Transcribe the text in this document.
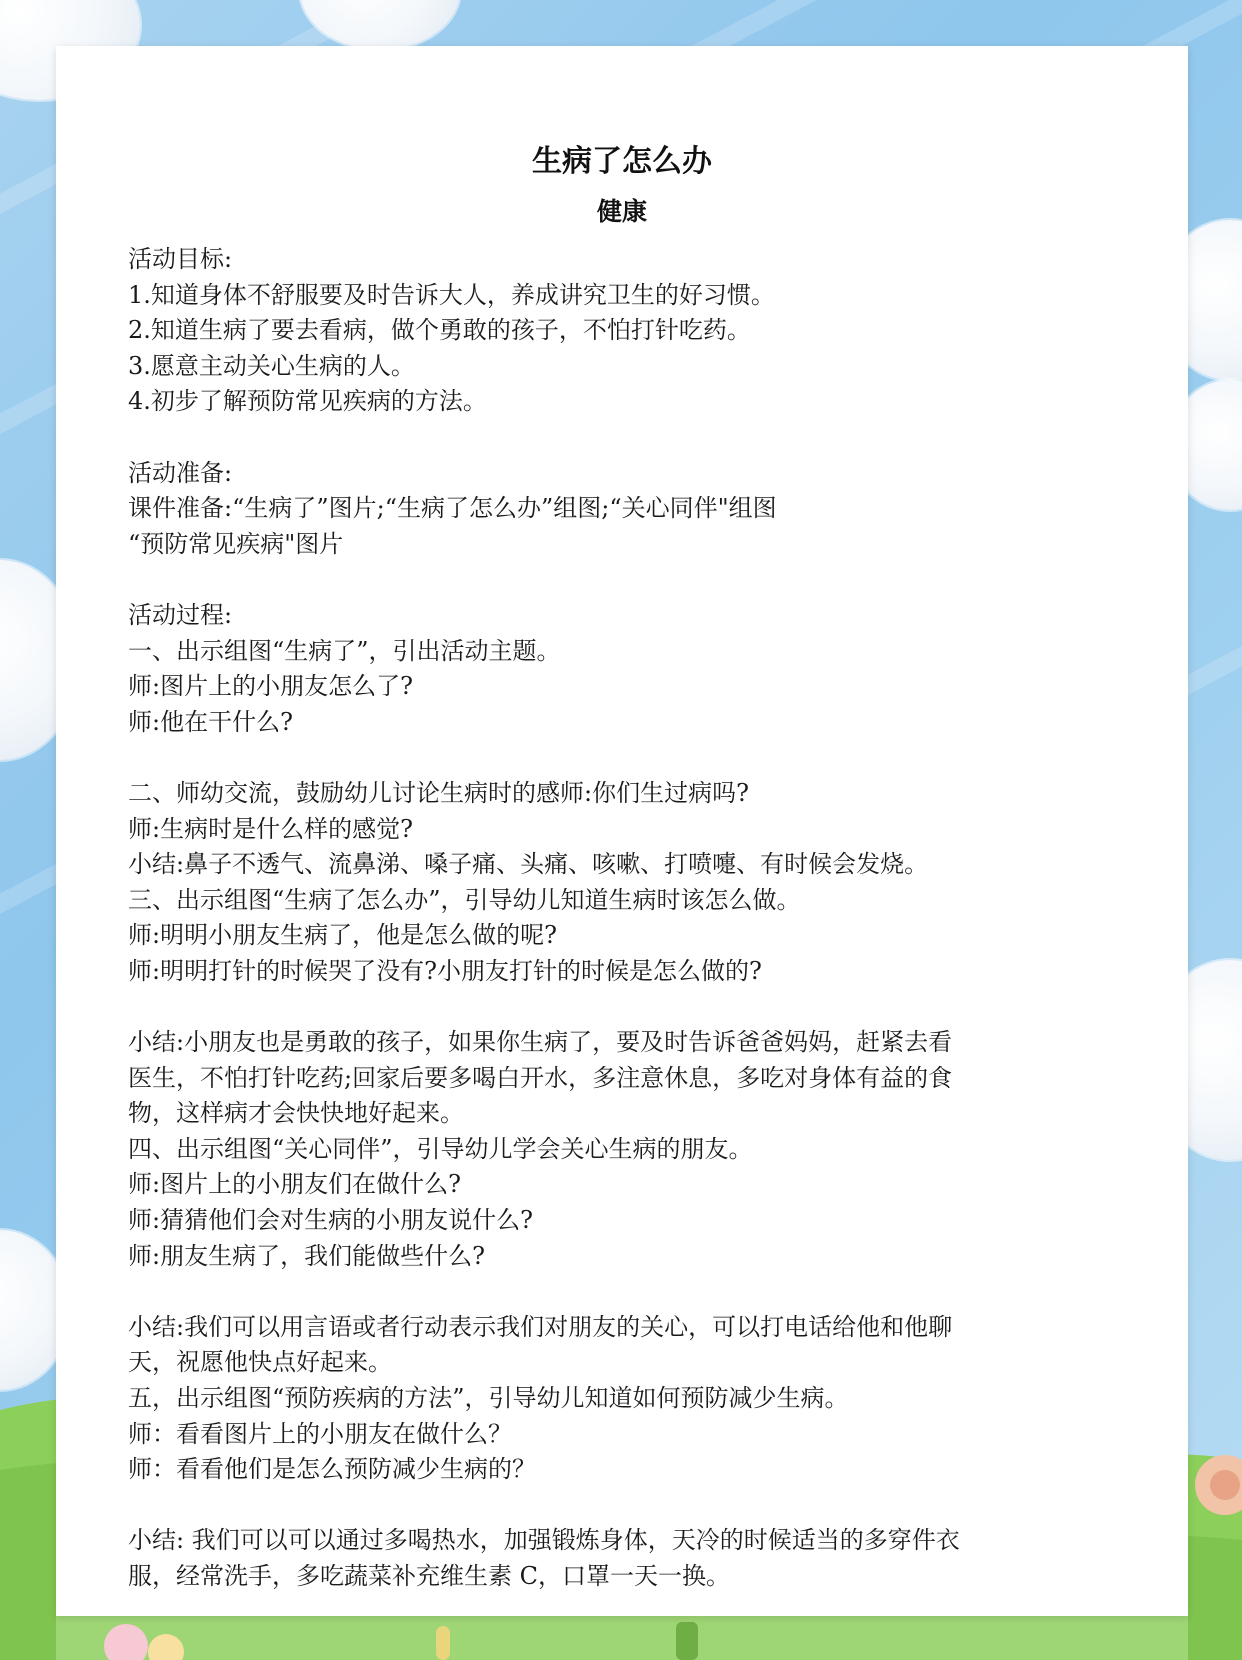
生病了怎么办
健康

活动目标:

1.知道身体不舒服要及时告诉大人，养成讲究卫生的好习惯。

2.知道生病了要去看病，做个勇敢的孩子，不怕打针吃药。

3.愿意主动关心生病的人。

4.初步了解预防常见疾病的方法。

活动准备:

课件准备:“生病了”图片;“生病了怎么办”组图;“关心同伴"组图

“预防常见疾病"图片

活动过程:

一、出示组图“生病了”，引出活动主题。

师:图片上的小朋友怎么了?

师:他在干什么?

二、师幼交流，鼓励幼儿讨论生病时的感师:你们生过病吗?

师:生病时是什么样的感觉?

小结:鼻子不透气、流鼻涕、嗓子痛、头痛、咳嗽、打喷嚏、有时候会发烧。

三、出示组图“生病了怎么办”，引导幼儿知道生病时该怎么做。

师:明明小朋友生病了，他是怎么做的呢?

师:明明打针的时候哭了没有?小朋友打针的时候是怎么做的?

小结:小朋友也是勇敢的孩子，如果你生病了，要及时告诉爸爸妈妈，赶紧去看

医生，不怕打针吃药;回家后要多喝白开水，多注意休息，多吃对身体有益的食

物，这样病才会快快地好起来。

四、出示组图“关心同伴”，引导幼儿学会关心生病的朋友。

师:图片上的小朋友们在做什么?

师:猜猜他们会对生病的小朋友说什么?

师:朋友生病了，我们能做些什么?

小结:我们可以用言语或者行动表示我们对朋友的关心，可以打电话给他和他聊

天，祝愿他快点好起来。

五，出示组图“预防疾病的方法”，引导幼儿知道如何预防减少生病。

师：看看图片上的小朋友在做什么？

师：看看他们是怎么预防减少生病的？

小结: 我们可以可以通过多喝热水，加强锻炼身体，天冷的时候适当的多穿件衣

服，经常洗手，多吃蔬菜补充维生素 C，口罩一天一换。
